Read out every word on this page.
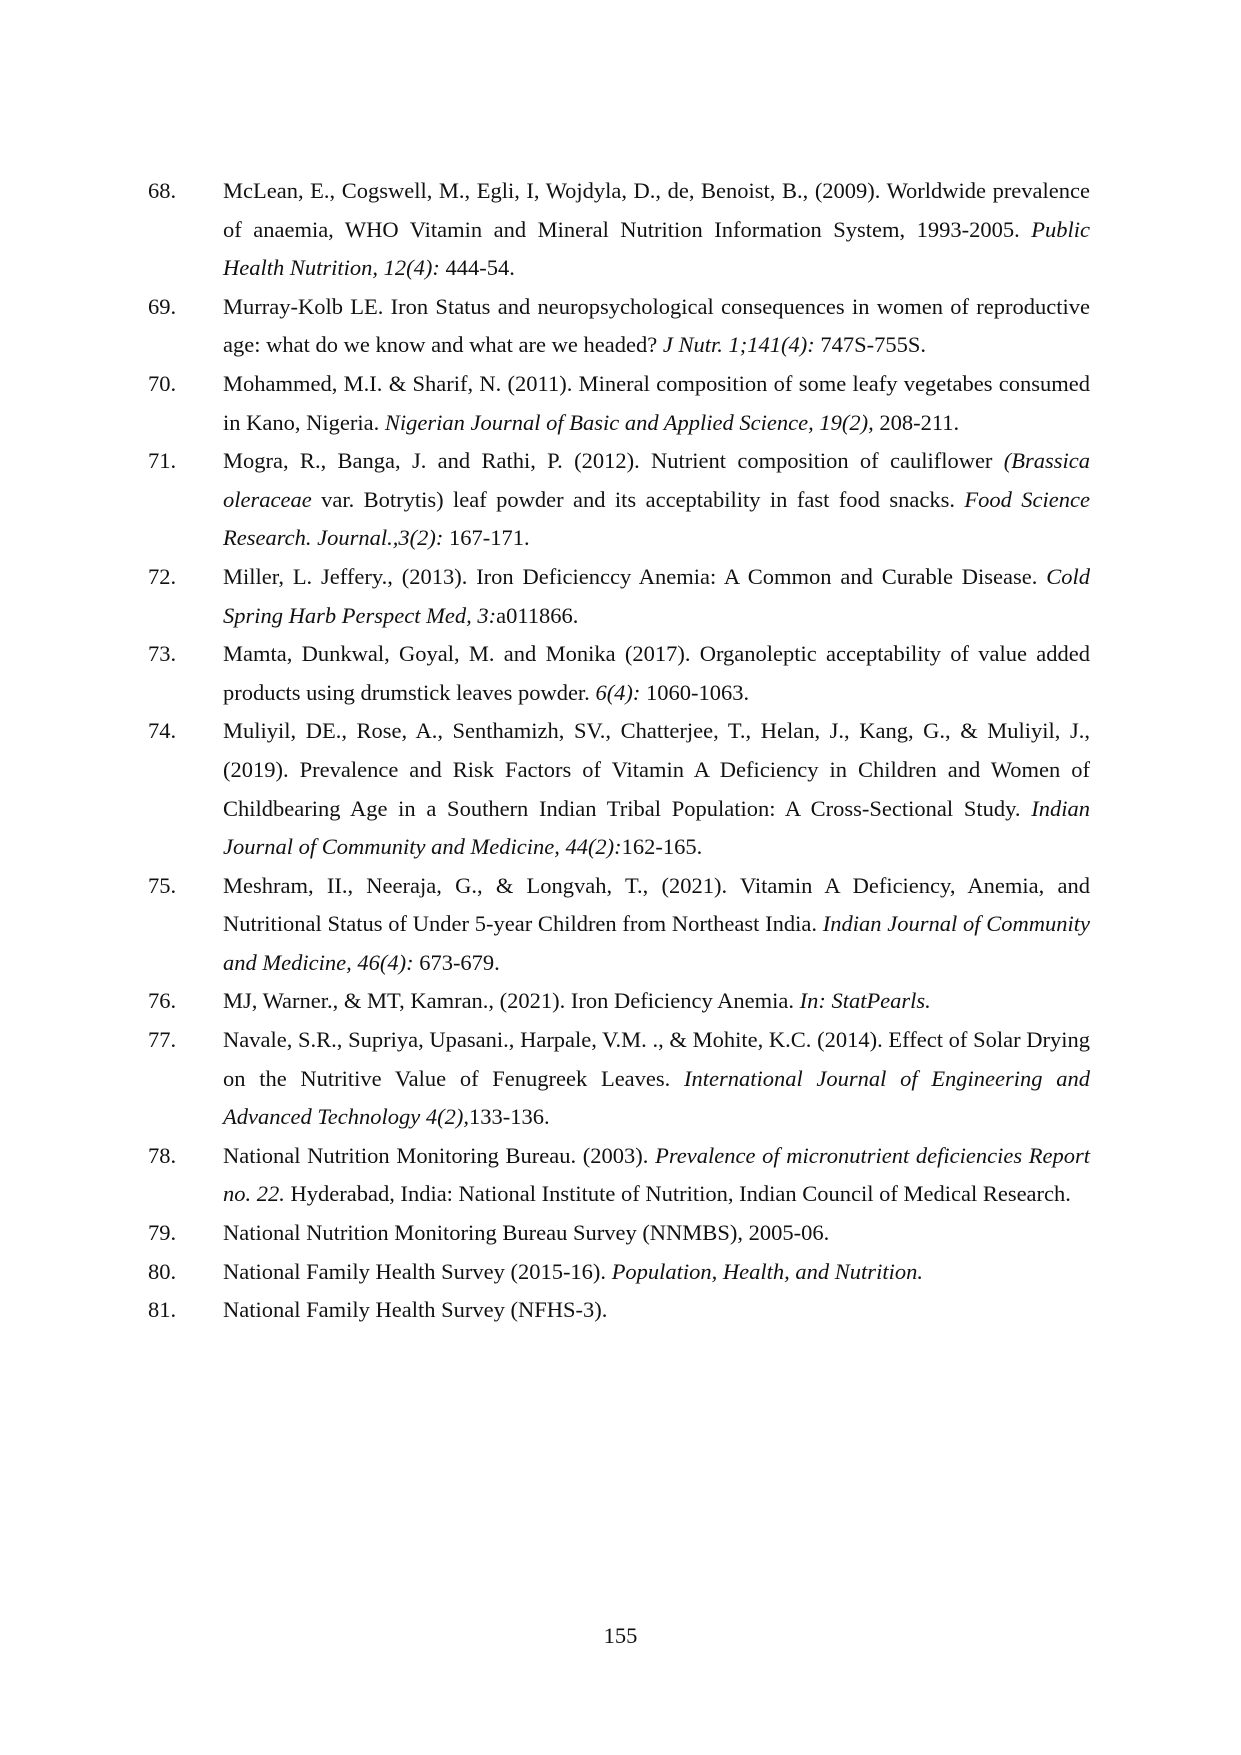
68.	McLean, E., Cogswell, M., Egli, I, Wojdyla, D., de, Benoist, B., (2009). Worldwide prevalence of anaemia, WHO Vitamin and Mineral Nutrition Information System, 1993-2005. Public Health Nutrition, 12(4): 444-54.
69.	Murray-Kolb LE. Iron Status and neuropsychological consequences in women of reproductive age: what do we know and what are we headed? J Nutr. 1;141(4): 747S-755S.
70.	Mohammed, M.I. & Sharif, N. (2011). Mineral composition of some leafy vegetabes consumed in Kano, Nigeria. Nigerian Journal of Basic and Applied Science, 19(2), 208-211.
71.	Mogra, R., Banga, J. and Rathi, P. (2012). Nutrient composition of cauliflower (Brassica oleraceae var. Botrytis) leaf powder and its acceptability in fast food snacks. Food Science Research. Journal.,3(2): 167-171.
72.	Miller, L. Jeffery., (2013). Iron Deficienccy Anemia: A Common and Curable Disease. Cold Spring Harb Perspect Med, 3:a011866.
73.	Mamta, Dunkwal, Goyal, M. and Monika (2017). Organoleptic acceptability of value added products using drumstick leaves powder. 6(4): 1060-1063.
74.	Muliyil, DE., Rose, A., Senthamizh, SV., Chatterjee, T., Helan, J., Kang, G., & Muliyil, J., (2019). Prevalence and Risk Factors of Vitamin A Deficiency in Children and Women of Childbearing Age in a Southern Indian Tribal Population: A Cross-Sectional Study. Indian Journal of Community and Medicine, 44(2):162-165.
75.	Meshram, II., Neeraja, G., & Longvah, T., (2021). Vitamin A Deficiency, Anemia, and Nutritional Status of Under 5-year Children from Northeast India. Indian Journal of Community and Medicine, 46(4): 673-679.
76.	MJ, Warner., & MT, Kamran., (2021). Iron Deficiency Anemia. In: StatPearls.
77.	Navale, S.R., Supriya, Upasani., Harpale, V.M. ., & Mohite, K.C. (2014). Effect of Solar Drying on the Nutritive Value of Fenugreek Leaves. International Journal of Engineering and Advanced Technology 4(2),133-136.
78.	National Nutrition Monitoring Bureau. (2003). Prevalence of micronutrient deficiencies Report no. 22. Hyderabad, India: National Institute of Nutrition, Indian Council of Medical Research.
79.	National Nutrition Monitoring Bureau Survey (NNMBS), 2005-06.
80.	National Family Health Survey (2015-16). Population, Health, and Nutrition.
81.	National Family Health Survey (NFHS-3).
155
